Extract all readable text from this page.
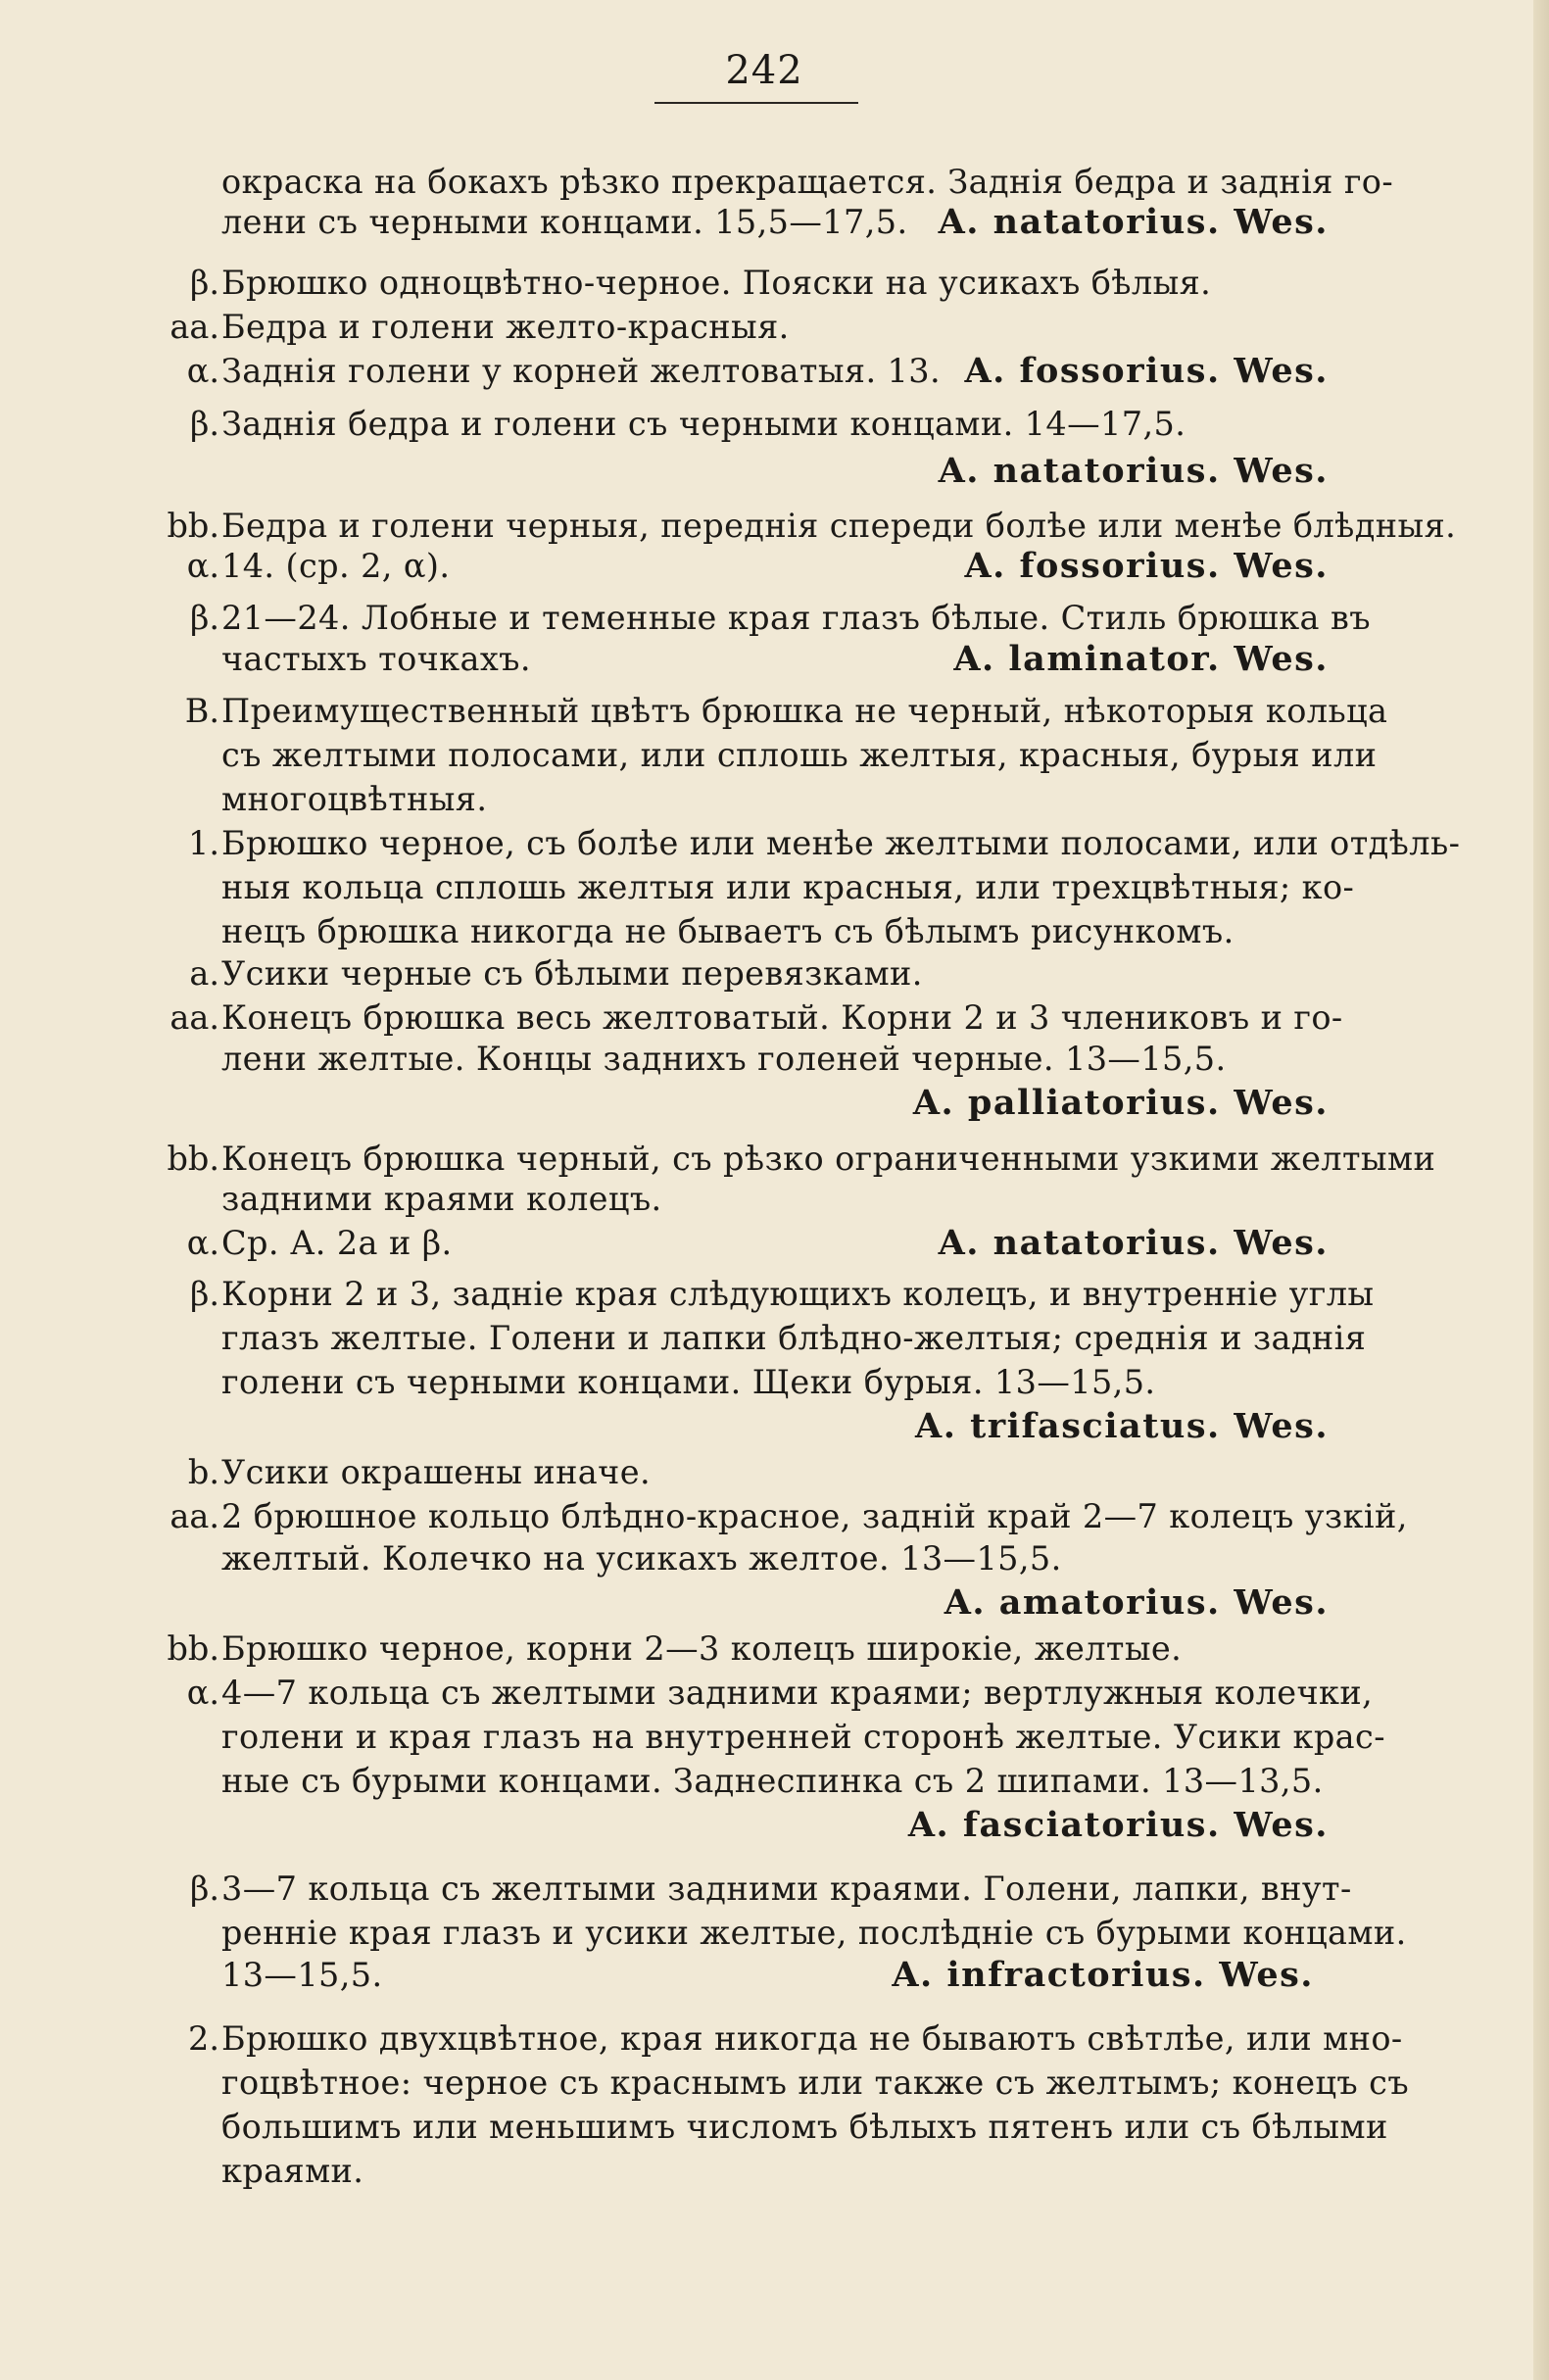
242
окраска на бокахъ рѣзко прекращается. Заднія бедра и заднія го-
лени съ черными концами. 15,5—17,5.
β. Брюшко одноцвѣтно-черное. Пояски на усикахъ бѣлыя.
аа. Бедра и голени желто-красныя.
α. Заднія голени у корней желтоватыя. 13.
β. Заднія бедра и голени съ черными концами. 14—17,5.
bb. Бедра и голени черныя, переднія спереди болѣе или менѣе блѣдныя.
α. 14. (ср. 2, α).
β. 21—24. Лобные и теменные края глазъ бѣлые. Стиль брюшка въ
частыхъ точкахъ.
B. Преимущественный цвѣтъ брюшка не черный, нѣкоторыя кольца
съ желтыми полосами, или сплошь желтыя, красныя, бурыя или
многоцвѣтныя.
1. Брюшко черное, съ болѣе или менѣе желтыми полосами, или отдѣль-
ныя кольца сплошь желтыя или красныя, или трехцвѣтныя; ко-
нецъ брюшка никогда не бываетъ съ бѣлымъ рисункомъ.
a. Усики черные съ бѣлыми перевязками.
аа. Конецъ брюшка весь желтоватый. Корни 2 и 3 члениковъ и го-
лени желтые. Концы заднихъ голеней черные. 13—15,5.
bb. Конецъ брюшка черный, съ рѣзко ограниченными узкими желтыми
задними краями колецъ.
α. Ср. А. 2а и β.
β. Корни 2 и 3, заднiе края слѣдующихъ колецъ, и внутреннiе углы
глазъ желтые. Голени и лапки блѣдно-желтыя; среднія и заднія
голени съ черными концами. Щеки бурыя. 13—15,5.
b. Усики окрашены иначе.
аа. 2 брюшное кольцо блѣдно-красное, заднiй край 2—7 колецъ узкiй,
желтый. Колечко на усикахъ желтое. 13—15,5.
bb. Брюшко черное, корни 2—3 колецъ широкiе, желтые.
α. 4—7 кольца съ желтыми задними краями; вертлужныя колечки,
голени и края глазъ на внутренней сторонѣ желтые. Усики крас-
ные съ бурыми концами. Заднеспинка съ 2 шипами. 13—13,5.
β. 3—7 кольца съ желтыми задними краями. Голени, лапки, внут-
реннiе края глазъ и усики желтые, послѣднiе съ бурыми концами.
13—15,5.
2. Брюшко двухцвѣтное, края никогда не бываютъ свѣтлѣе, или мно-
гоцвѣтное: черное съ краснымъ или также съ желтымъ; конецъ съ
большимъ или меньшимъ числомъ бѣлыхъ пятенъ или съ бѣлыми
краями.
A. natatorius. Wes.
A. fossorius. Wes.
A. natatorius. Wes.
A. fossorius. Wes.
A. laminator. Wes.
A. palliatorius. Wes.
A. natatorius. Wes.
A. trifasciatus. Wes.
A. amatorius. Wes.
A. fasciatorius. Wes.
A. infractorius. Wes.
